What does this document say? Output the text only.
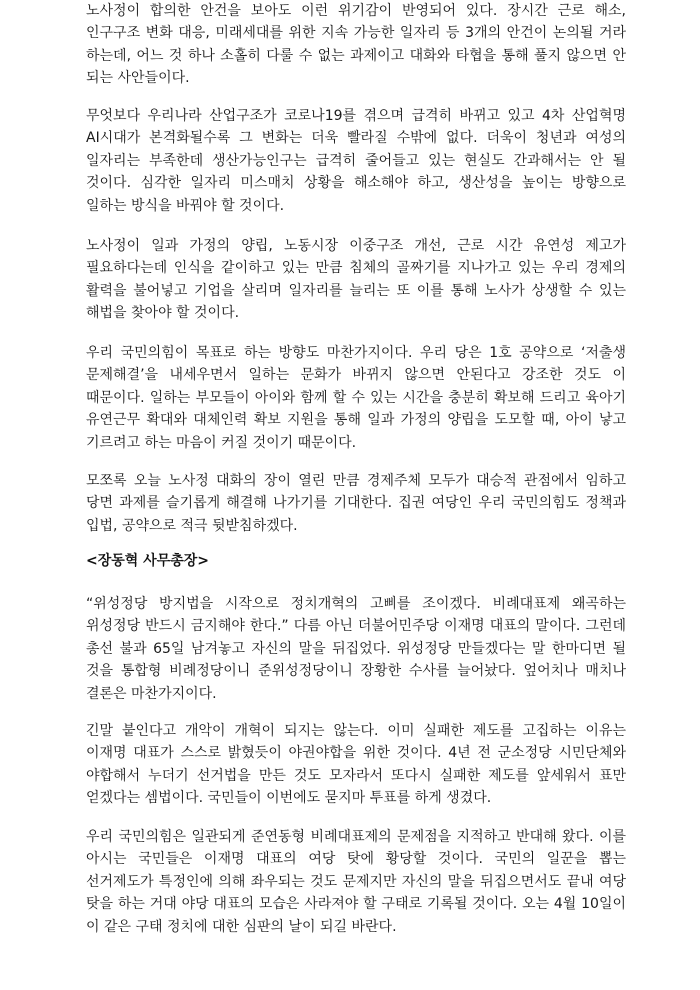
노사정이 합의한 안건을 보아도 이런 위기감이 반영되어 있다. 장시간 근로 해소, 인구구조 변화 대응, 미래세대를 위한 지속 가능한 일자리 등 3개의 안건이 논의될 거라 하는데, 어느 것 하나 소홀히 다룰 수 없는 과제이고 대화와 타협을 통해 풀지 않으면 안 되는 사안들이다.

무엇보다 우리나라 산업구조가 코로나19를 겪으며 급격히 바뀌고 있고 4차 산업혁명 AI시대가 본격화될수록 그 변화는 더욱 빨라질 수밖에 없다. 더욱이 청년과 여성의 일자리는 부족한데 생산가능인구는 급격히 줄어들고 있는 현실도 간과해서는 안 될 것이다. 심각한 일자리 미스매치 상황을 해소해야 하고, 생산성을 높이는 방향으로 일하는 방식을 바꿔야 할 것이다.

노사정이 일과 가정의 양립, 노동시장 이중구조 개선, 근로 시간 유연성 제고가 필요하다는데 인식을 같이하고 있는 만큼 침체의 골짜기를 지나가고 있는 우리 경제의 활력을 불어넣고 기업을 살리며 일자리를 늘리는 또 이를 통해 노사가 상생할 수 있는 해법을 찾아야 할 것이다.

우리 국민의힘이 목표로 하는 방향도 마찬가지이다. 우리 당은 1호 공약으로 ‘저출생 문제해결’을 내세우면서 일하는 문화가 바뀌지 않으면 안된다고 강조한 것도 이 때문이다. 일하는 부모들이 아이와 함께 할 수 있는 시간을 충분히 확보해 드리고 육아기 유연근무 확대와 대체인력 확보 지원을 통해 일과 가정의 양립을 도모할 때, 아이 낳고 기르려고 하는 마음이 커질 것이기 때문이다.

모쪼록 오늘 노사정 대화의 장이 열린 만큼 경제주체 모두가 대승적 관점에서 임하고 당면 과제를 슬기롭게 해결해 나가기를 기대한다. 집권 여당인 우리 국민의힘도 정책과 입법, 공약으로 적극 뒷받침하겠다.

<장동혁 사무총장>

“위성정당 방지법을 시작으로 정치개혁의 고삐를 조이겠다. 비례대표제 왜곡하는 위성정당 반드시 금지해야 한다.” 다름 아닌 더불어민주당 이재명 대표의 말이다. 그런데 총선 불과 65일 남겨놓고 자신의 말을 뒤집었다. 위성정당 만들겠다는 말 한마디면 될 것을 통합형 비례정당이니 준위성정당이니 장황한 수사를 늘어놨다. 엎어치나 매치나 결론은 마찬가지이다.

긴말 붙인다고 개악이 개혁이 되지는 않는다. 이미 실패한 제도를 고집하는 이유는 이재명 대표가 스스로 밝혔듯이 야권야합을 위한 것이다. 4년 전 군소정당 시민단체와 야합해서 누더기 선거법을 만든 것도 모자라서 또다시 실패한 제도를 앞세워서 표만 얻겠다는 셈법이다. 국민들이 이번에도 묻지마 투표를 하게 생겼다.

우리 국민의힘은 일관되게 준연동형 비례대표제의 문제점을 지적하고 반대해 왔다. 이를 아시는 국민들은 이재명 대표의 여당 탓에 황당할 것이다. 국민의 일꾼을 뽑는 선거제도가 특정인에 의해 좌우되는 것도 문제지만 자신의 말을 뒤집으면서도 끝내 여당 탓을 하는 거대 야당 대표의 모습은 사라져야 할 구태로 기록될 것이다. 오는 4월 10일이 이 같은 구태 정치에 대한 심판의 날이 되길 바란다.
